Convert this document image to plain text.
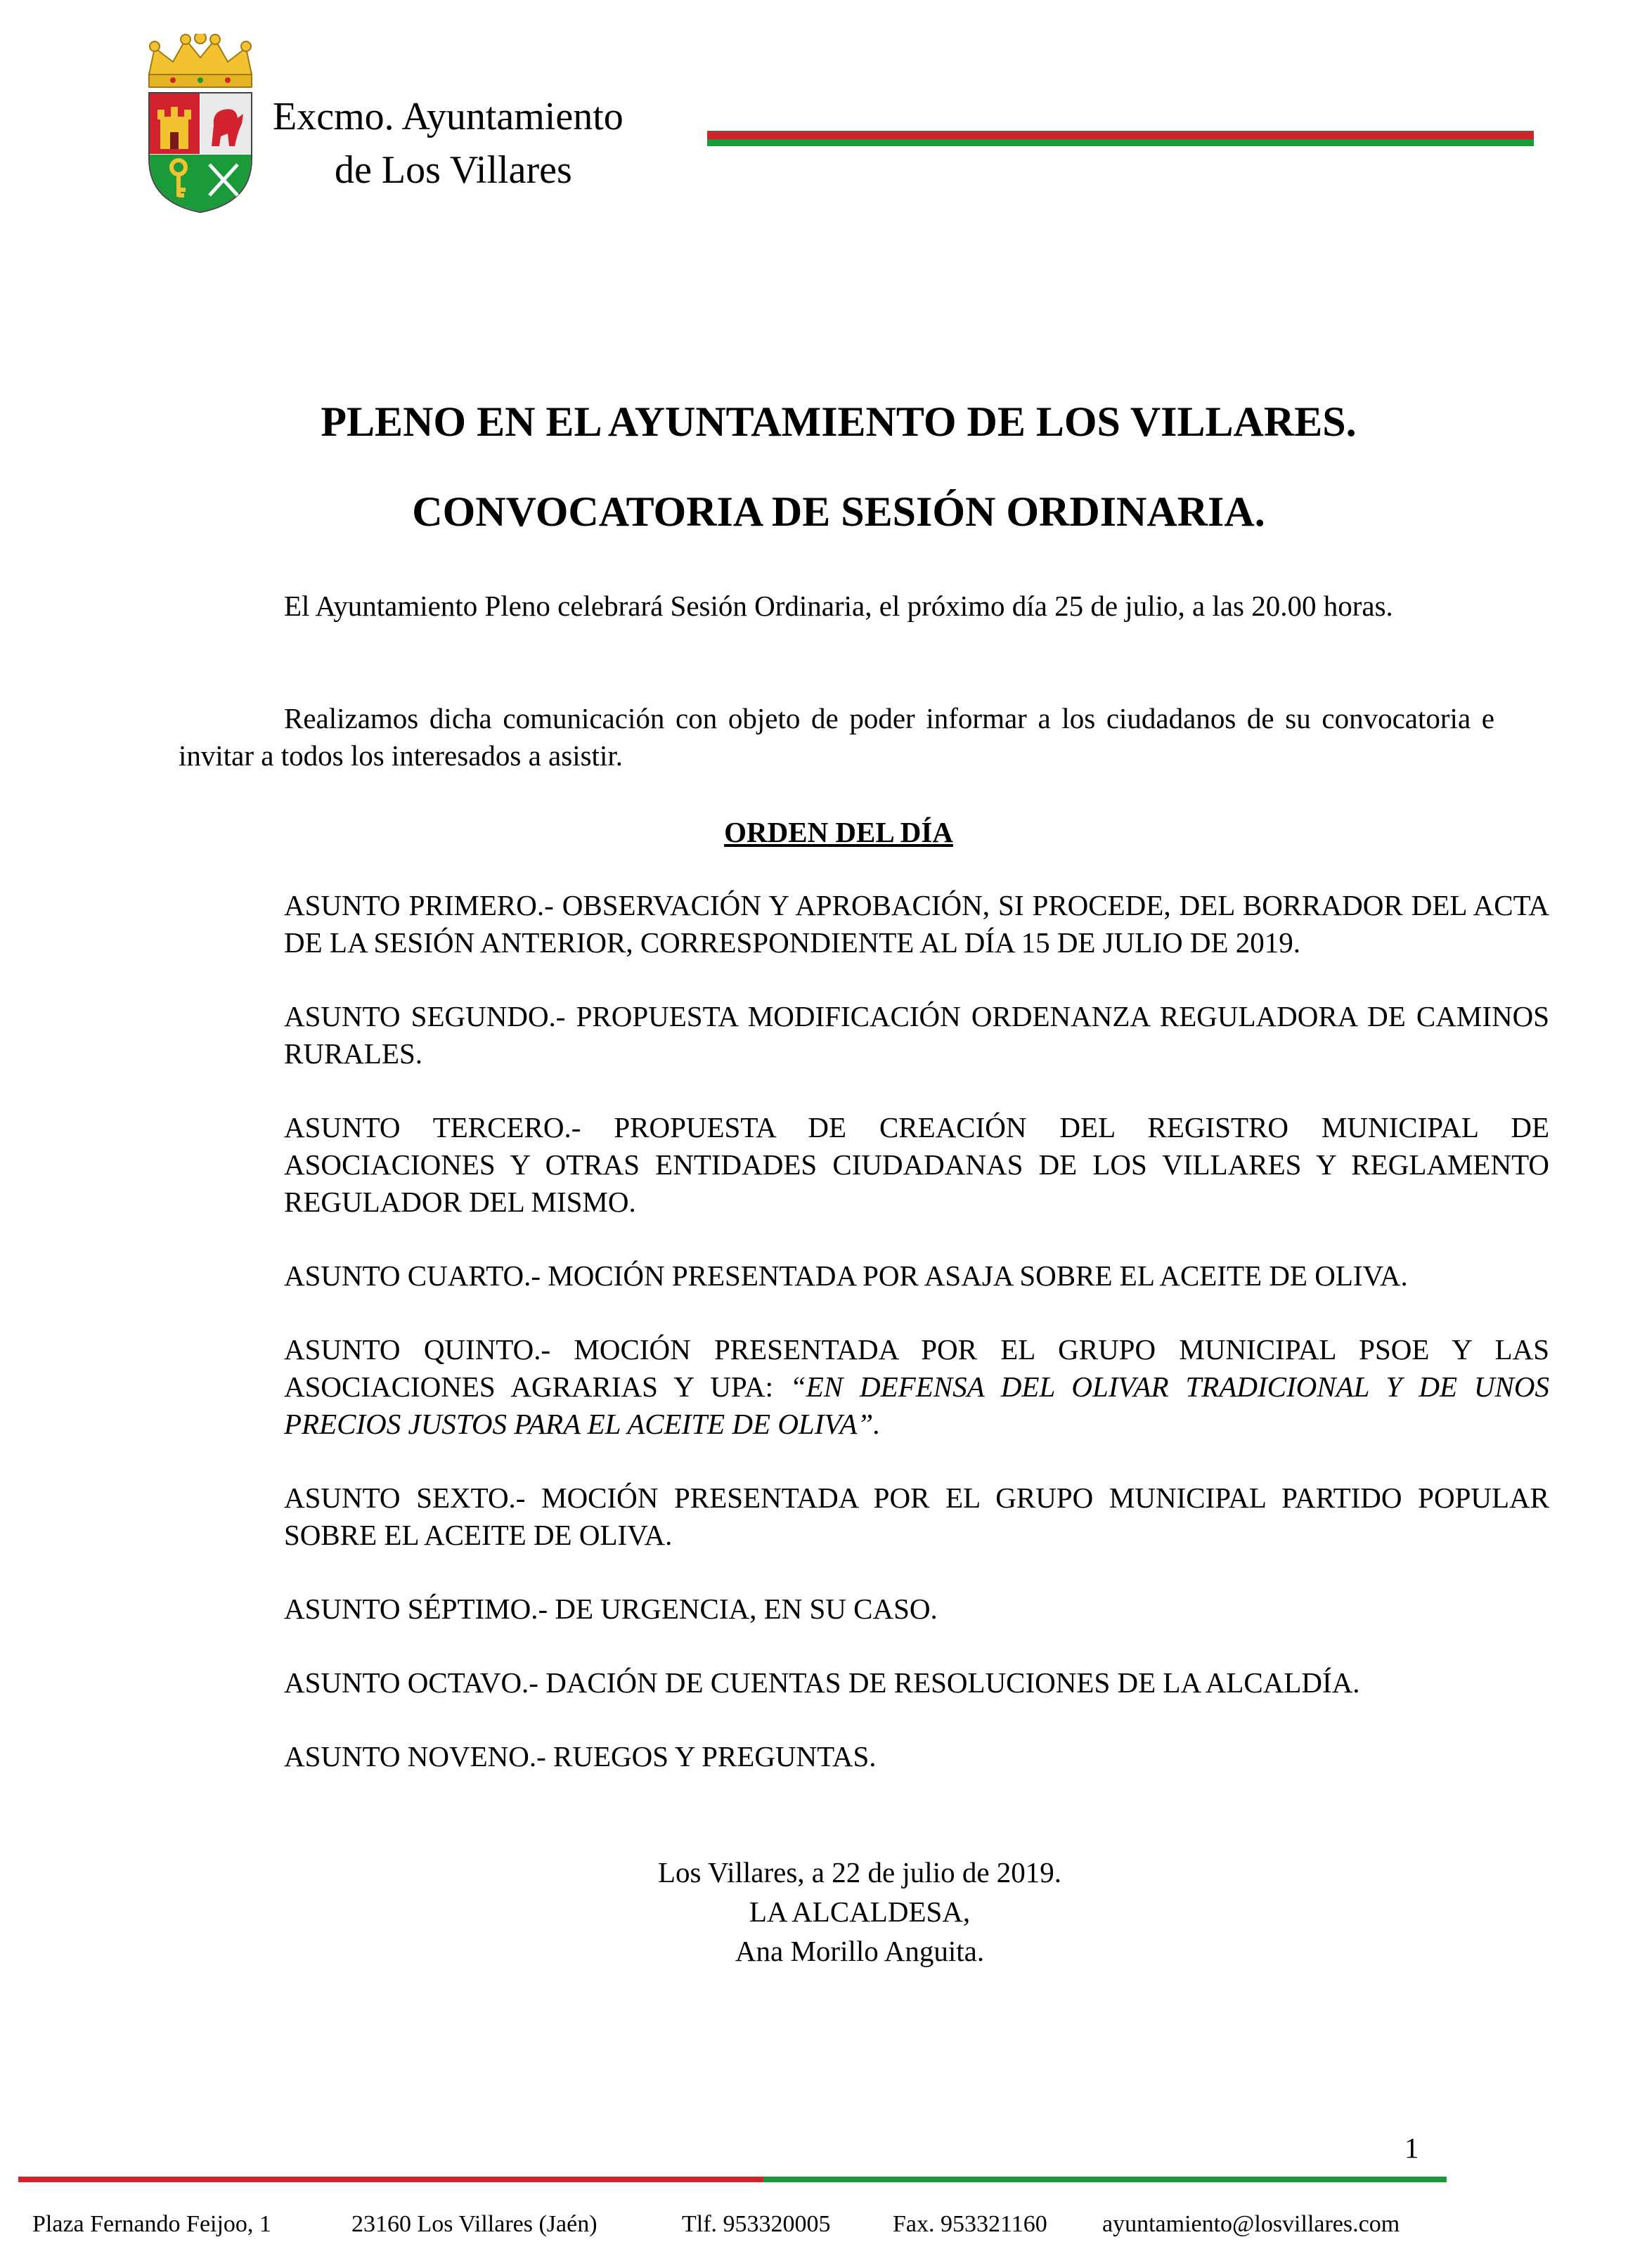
Excmo. Ayuntamiento
de Los Villares
PLENO EN EL AYUNTAMIENTO DE LOS VILLARES.
CONVOCATORIA DE SESIÓN ORDINARIA.
El Ayuntamiento Pleno celebrará Sesión Ordinaria, el próximo día 25 de julio, a las 20.00 horas.
Realizamos dicha comunicación con objeto de poder informar a los ciudadanos de su convocatoria e invitar a todos los interesados a asistir.
ORDEN DEL DÍA

ASUNTO PRIMERO.- OBSERVACIÓN Y APROBACIÓN, SI PROCEDE, DEL BORRADOR DEL ACTA DE LA SESIÓN ANTERIOR, CORRESPONDIENTE AL DÍA 15 DE JULIO DE 2019.

ASUNTO SEGUNDO.- PROPUESTA MODIFICACIÓN ORDENANZA REGULADORA DE CAMINOS RURALES.

ASUNTO TERCERO.- PROPUESTA DE CREACIÓN DEL REGISTRO MUNICIPAL DE ASOCIACIONES Y OTRAS ENTIDADES CIUDADANAS DE LOS VILLARES Y REGLAMENTO REGULADOR DEL MISMO.

ASUNTO CUARTO.- MOCIÓN PRESENTADA POR ASAJA SOBRE EL ACEITE DE OLIVA.

ASUNTO QUINTO.- MOCIÓN PRESENTADA POR EL GRUPO MUNICIPAL PSOE Y LAS ASOCIACIONES AGRARIAS Y UPA: “EN DEFENSA DEL OLIVAR TRADICIONAL Y DE UNOS PRECIOS JUSTOS PARA EL ACEITE DE OLIVA”.

ASUNTO SEXTO.- MOCIÓN PRESENTADA POR EL GRUPO MUNICIPAL PARTIDO POPULAR SOBRE EL ACEITE DE OLIVA.

ASUNTO SÉPTIMO.- DE URGENCIA, EN SU CASO.

ASUNTO OCTAVO.- DACIÓN DE CUENTAS DE RESOLUCIONES DE LA ALCALDÍA.

ASUNTO NOVENO.- RUEGOS Y PREGUNTAS.

Los Villares, a 22 de julio de 2019.
LA ALCALDESA,
Ana Morillo Anguita.
1
Plaza Fernando Feijoo, 1	23160 Los Villares (Jaén)	Tlf. 953320005	Fax. 953321160 ayuntamiento@losvillares.com
